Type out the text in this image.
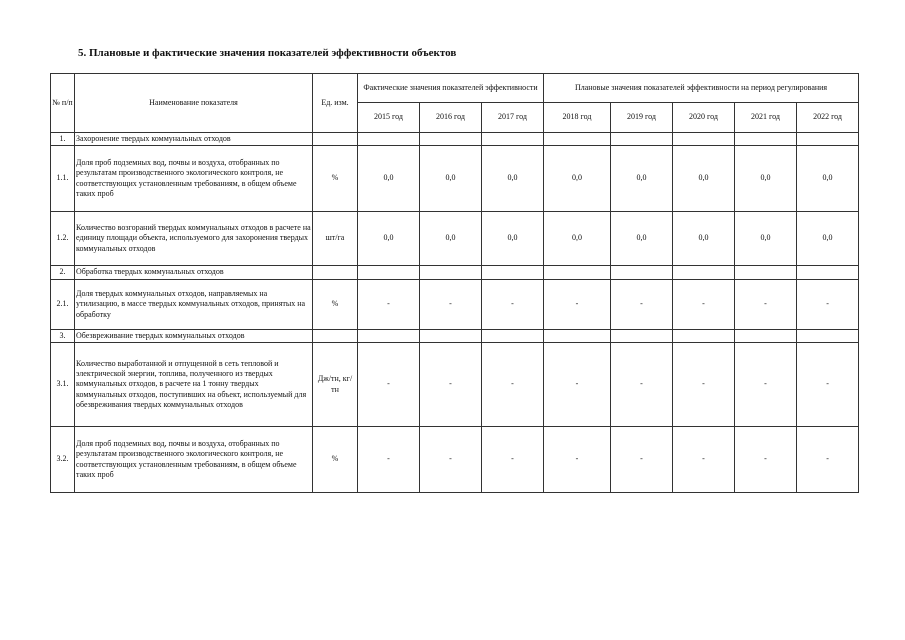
5. Плановые и фактические значения показателей эффективности объектов
№ п/п	Наименование показателя	Ед. изм.	Фактические значения показателей эффективности			Плановые значения показателей эффективности на период регулирования				
			2015 год	2016 год	2017 год	2018 год	2019 год	2020 год	2021 год	2022 год
1.	Захоронение твердых коммунальных отходов									
1.1.	Доля проб подземных вод, почвы и воздуха, отобранных по результатам производственного экологического контроля, не соответствующих установленным требованиям, в общем объеме таких проб	%	0,0	0,0	0,0	0,0	0,0	0,0	0,0	0,0
1.2.	Количество возгораний твердых коммунальных отходов в расчете на единицу площади объекта, используемого для захоронения твердых коммунальных отходов	шт/га	0,0	0,0	0,0	0,0	0,0	0,0	0,0	0,0
2.	Обработка твердых коммунальных отходов									
2.1.	Доля твердых коммунальных отходов, направляемых на утилизацию, в массе твердых коммунальных отходов, принятых на обработку	%	-	-	-	-	-	-	-	-
3.	Обезвреживание твердых коммунальных отходов									
3.1.	Количество выработанной и отпущенной в сеть тепловой и электрической энергии, топлива, полученного из твердых коммунальных отходов, в расчете на 1 тонну твердых коммунальных отходов, поступивших на объект, используемый для обезвреживания твердых коммунальных отходов	Дж/тн, кг/тн	-	-	-	-	-	-	-	-
3.2.	Доля проб подземных вод, почвы и воздуха, отобранных по результатам производственного экологического контроля, не соответствующих установленным требованиям, в общем объеме таких проб	%	-	-	-	-	-	-	-	-
